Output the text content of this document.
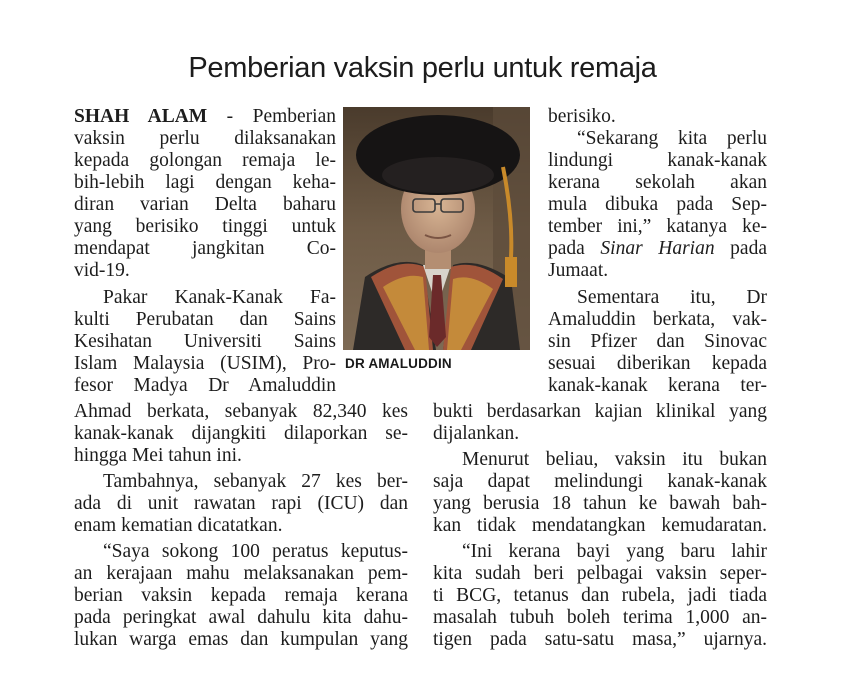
Pemberian vaksin perlu untuk remaja
SHAH ALAM - Pemberian
vaksin perlu dilaksanakan
kepada golongan remaja le-
bih-lebih lagi dengan keha-
diran varian Delta baharu
yang berisiko tinggi untuk
mendapat jangkitan Co-
vid-19.
Pakar Kanak-Kanak Fa-
kulti Perubatan dan Sains
Kesihatan Universiti Sains
Islam Malaysia (USIM), Pro-
fesor Madya Dr Amaluddin
Ahmad berkata, sebanyak 82,340 kes
kanak-kanak dijangkiti dilaporkan se-
hingga Mei tahun ini.
Tambahnya, sebanyak 27 kes ber-
ada di unit rawatan rapi (ICU) dan
enam kematian dicatatkan.
“Saya sokong 100 peratus keputus-
an kerajaan mahu melaksanakan pem-
berian vaksin kepada remaja kerana
pada peringkat awal dahulu kita dahu-
lukan warga emas dan kumpulan yang
DR AMALUDDIN
berisiko.
“Sekarang kita perlu
lindungi kanak-kanak
kerana sekolah akan
mula dibuka pada Sep-
tember ini,” katanya ke-
pada Sinar Harian pada
Jumaat.
Sementara itu, Dr
Amaluddin berkata, vak-
sin Pfizer dan Sinovac
sesuai diberikan kepada
kanak-kanak kerana ter-
bukti berdasarkan kajian klinikal yang
dijalankan.
Menurut beliau, vaksin itu bukan
saja dapat melindungi kanak-kanak
yang berusia 18 tahun ke bawah bah-
kan tidak mendatangkan kemudaratan.
“Ini kerana bayi yang baru lahir
kita sudah beri pelbagai vaksin seper-
ti BCG, tetanus dan rubela, jadi tiada
masalah tubuh boleh terima 1,000 an-
tigen pada satu-satu masa,” ujarnya.
